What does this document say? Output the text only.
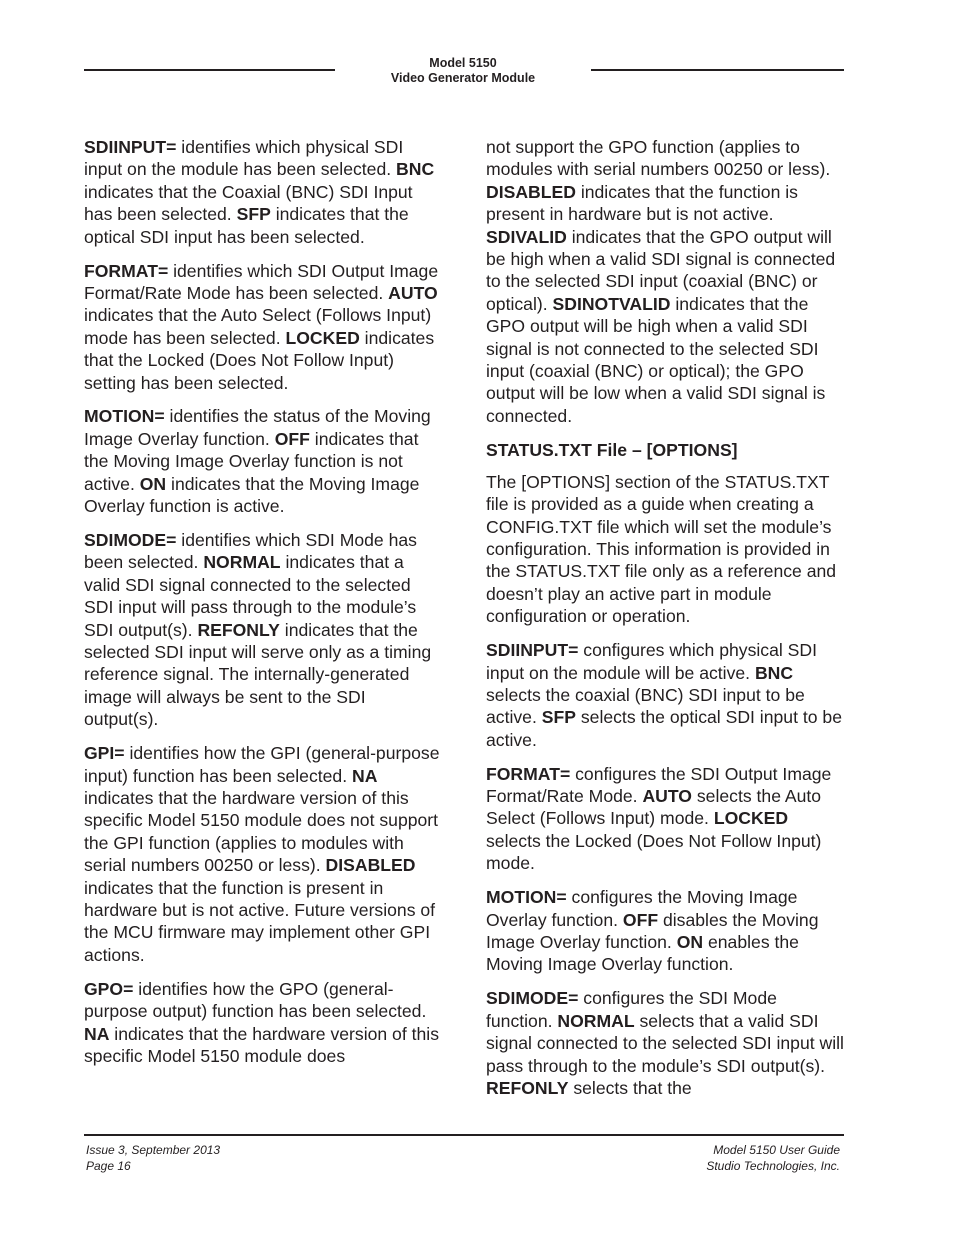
Model 5150
Video Generator Module

SDIINPUT= identifies which physical SDI input on the module has been selected. BNC indicates that the Coaxial (BNC) SDI Input has been selected. SFP indicates that the optical SDI input has been selected.

FORMAT= identifies which SDI Output Image Format/Rate Mode has been selected. AUTO indicates that the Auto Select (Follows Input) mode has been selected. LOCKED indicates that the Locked (Does Not Follow Input) setting has been selected.

MOTION= identifies the status of the Moving Image Overlay function. OFF indicates that the Moving Image Overlay function is not active. ON indicates that the Moving Image Overlay function is active.

SDIMODE= identifies which SDI Mode has been selected. NORMAL indicates that a valid SDI signal connected to the selected SDI input will pass through to the module’s SDI output(s). REFONLY indicates that the selected SDI input will serve only as a timing reference signal. The internally-generated image will always be sent to the SDI output(s).

GPI= identifies how the GPI (general-purpose input) function has been selected. NA indicates that the hardware version of this specific Model 5150 module does not support the GPI function (applies to modules with serial numbers 00250 or less). DISABLED indicates that the function is present in hardware but is not active. Future versions of the MCU firmware may implement other GPI actions.

GPO= identifies how the GPO (general-purpose output) function has been selected. NA indicates that the hardware version of this specific Model 5150 module does

not support the GPO function (applies to modules with serial numbers 00250 or less). DISABLED indicates that the function is present in hardware but is not active. SDIVALID indicates that the GPO output will be high when a valid SDI signal is connected to the selected SDI input (coaxial (BNC) or optical). SDINOTVALID indicates that the GPO output will be high when a valid SDI signal is not connected to the selected SDI input (coaxial (BNC) or optical); the GPO output will be low when a valid SDI signal is connected.

STATUS.TXT File – [OPTIONS]

The [OPTIONS] section of the STATUS.TXT file is provided as a guide when creating a CONFIG.TXT file which will set the module’s configuration. This information is provided in the STATUS.TXT file only as a reference and doesn’t play an active part in module configuration or operation.

SDIINPUT= configures which physical SDI input on the module will be active. BNC selects the coaxial (BNC) SDI input to be active. SFP selects the optical SDI input to be active.

FORMAT= configures the SDI Output Image Format/Rate Mode. AUTO selects the Auto Select (Follows Input) mode. LOCKED selects the Locked (Does Not Follow Input) mode.

MOTION= configures the Moving Image Overlay function. OFF disables the Moving Image Overlay function. ON enables the Moving Image Overlay function.

SDIMODE= configures the SDI Mode function. NORMAL selects that a valid SDI signal connected to the selected SDI input will pass through to the module’s SDI output(s). REFONLY selects that the

Issue 3, September 2013
Page 16
Model 5150 User Guide
Studio Technologies, Inc.
